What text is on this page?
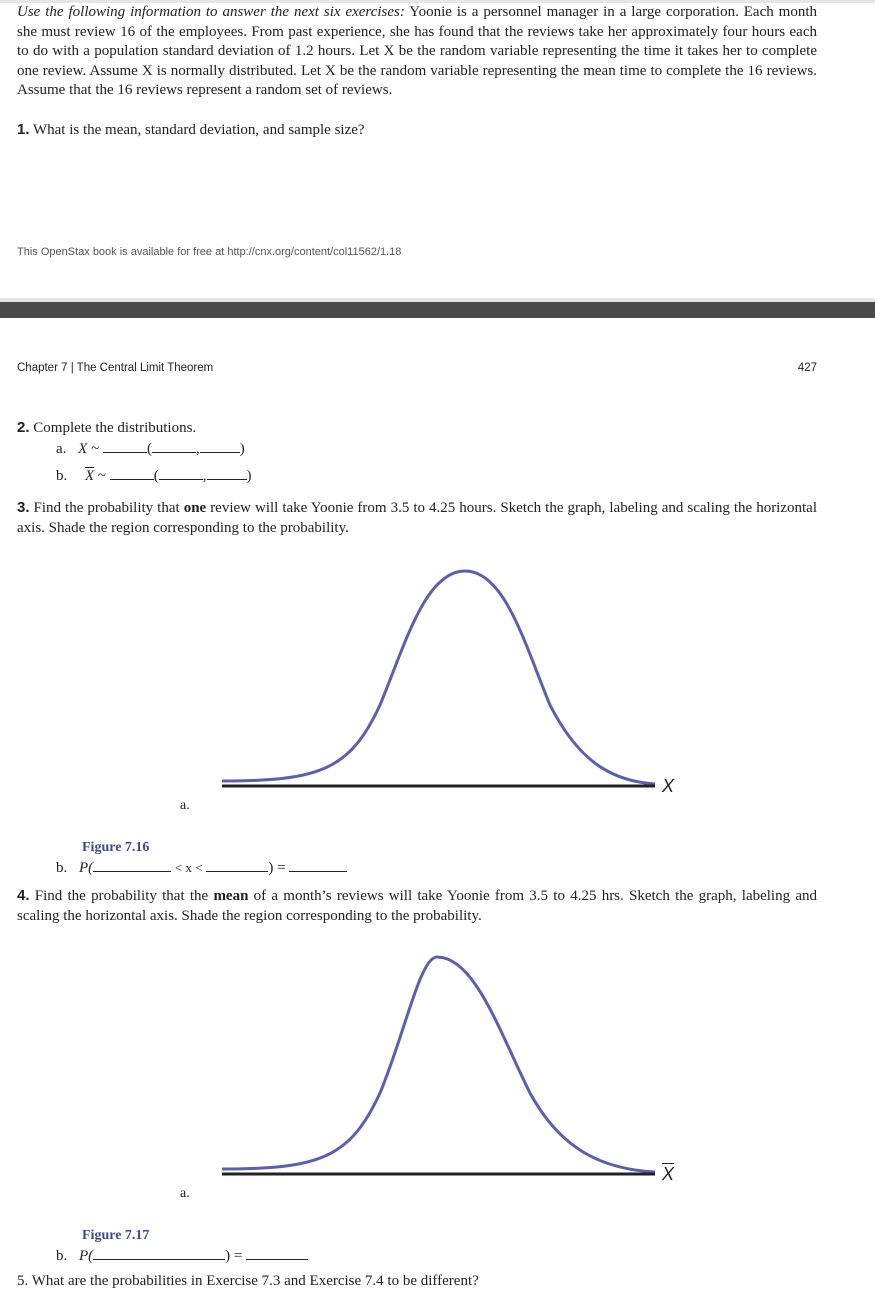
Use the following information to answer the next six exercises: Yoonie is a personnel manager in a large corporation. Each month she must review 16 of the employees. From past experience, she has found that the reviews take her approximately four hours each to do with a population standard deviation of 1.2 hours. Let X be the random variable representing the time it takes her to complete one review. Assume X is normally distributed. Let X be the random variable representing the mean time to complete the 16 reviews. Assume that the 16 reviews represent a random set of reviews.
1. What is the mean, standard deviation, and sample size?
This OpenStax book is available for free at http://cnx.org/content/col11562/1.18
Chapter 7 | The Central Limit Theorem	427
2. Complete the distributions.
a. X ~	(	,	)
b. $\overline{X}$ ~	(	,	)
3. Find the probability that one review will take Yoonie from 3.5 to 4.25 hours. Sketch the graph, labeling and scaling the horizontal axis. Shade the region corresponding to the probability.
X
a.
Figure 7.16
b. P(	< x <	) =
4. Find the probability that the mean of a month’s reviews will take Yoonie from 3.5 to 4.25 hrs. Sketch the graph, labeling and scaling the horizontal axis. Shade the region corresponding to the probability.
$\overline{X}$
a.
Figure 7.17
b. P(	) =
5. What are the probabilities in Exercise 7.3 and Exercise 7.4 to be different?
